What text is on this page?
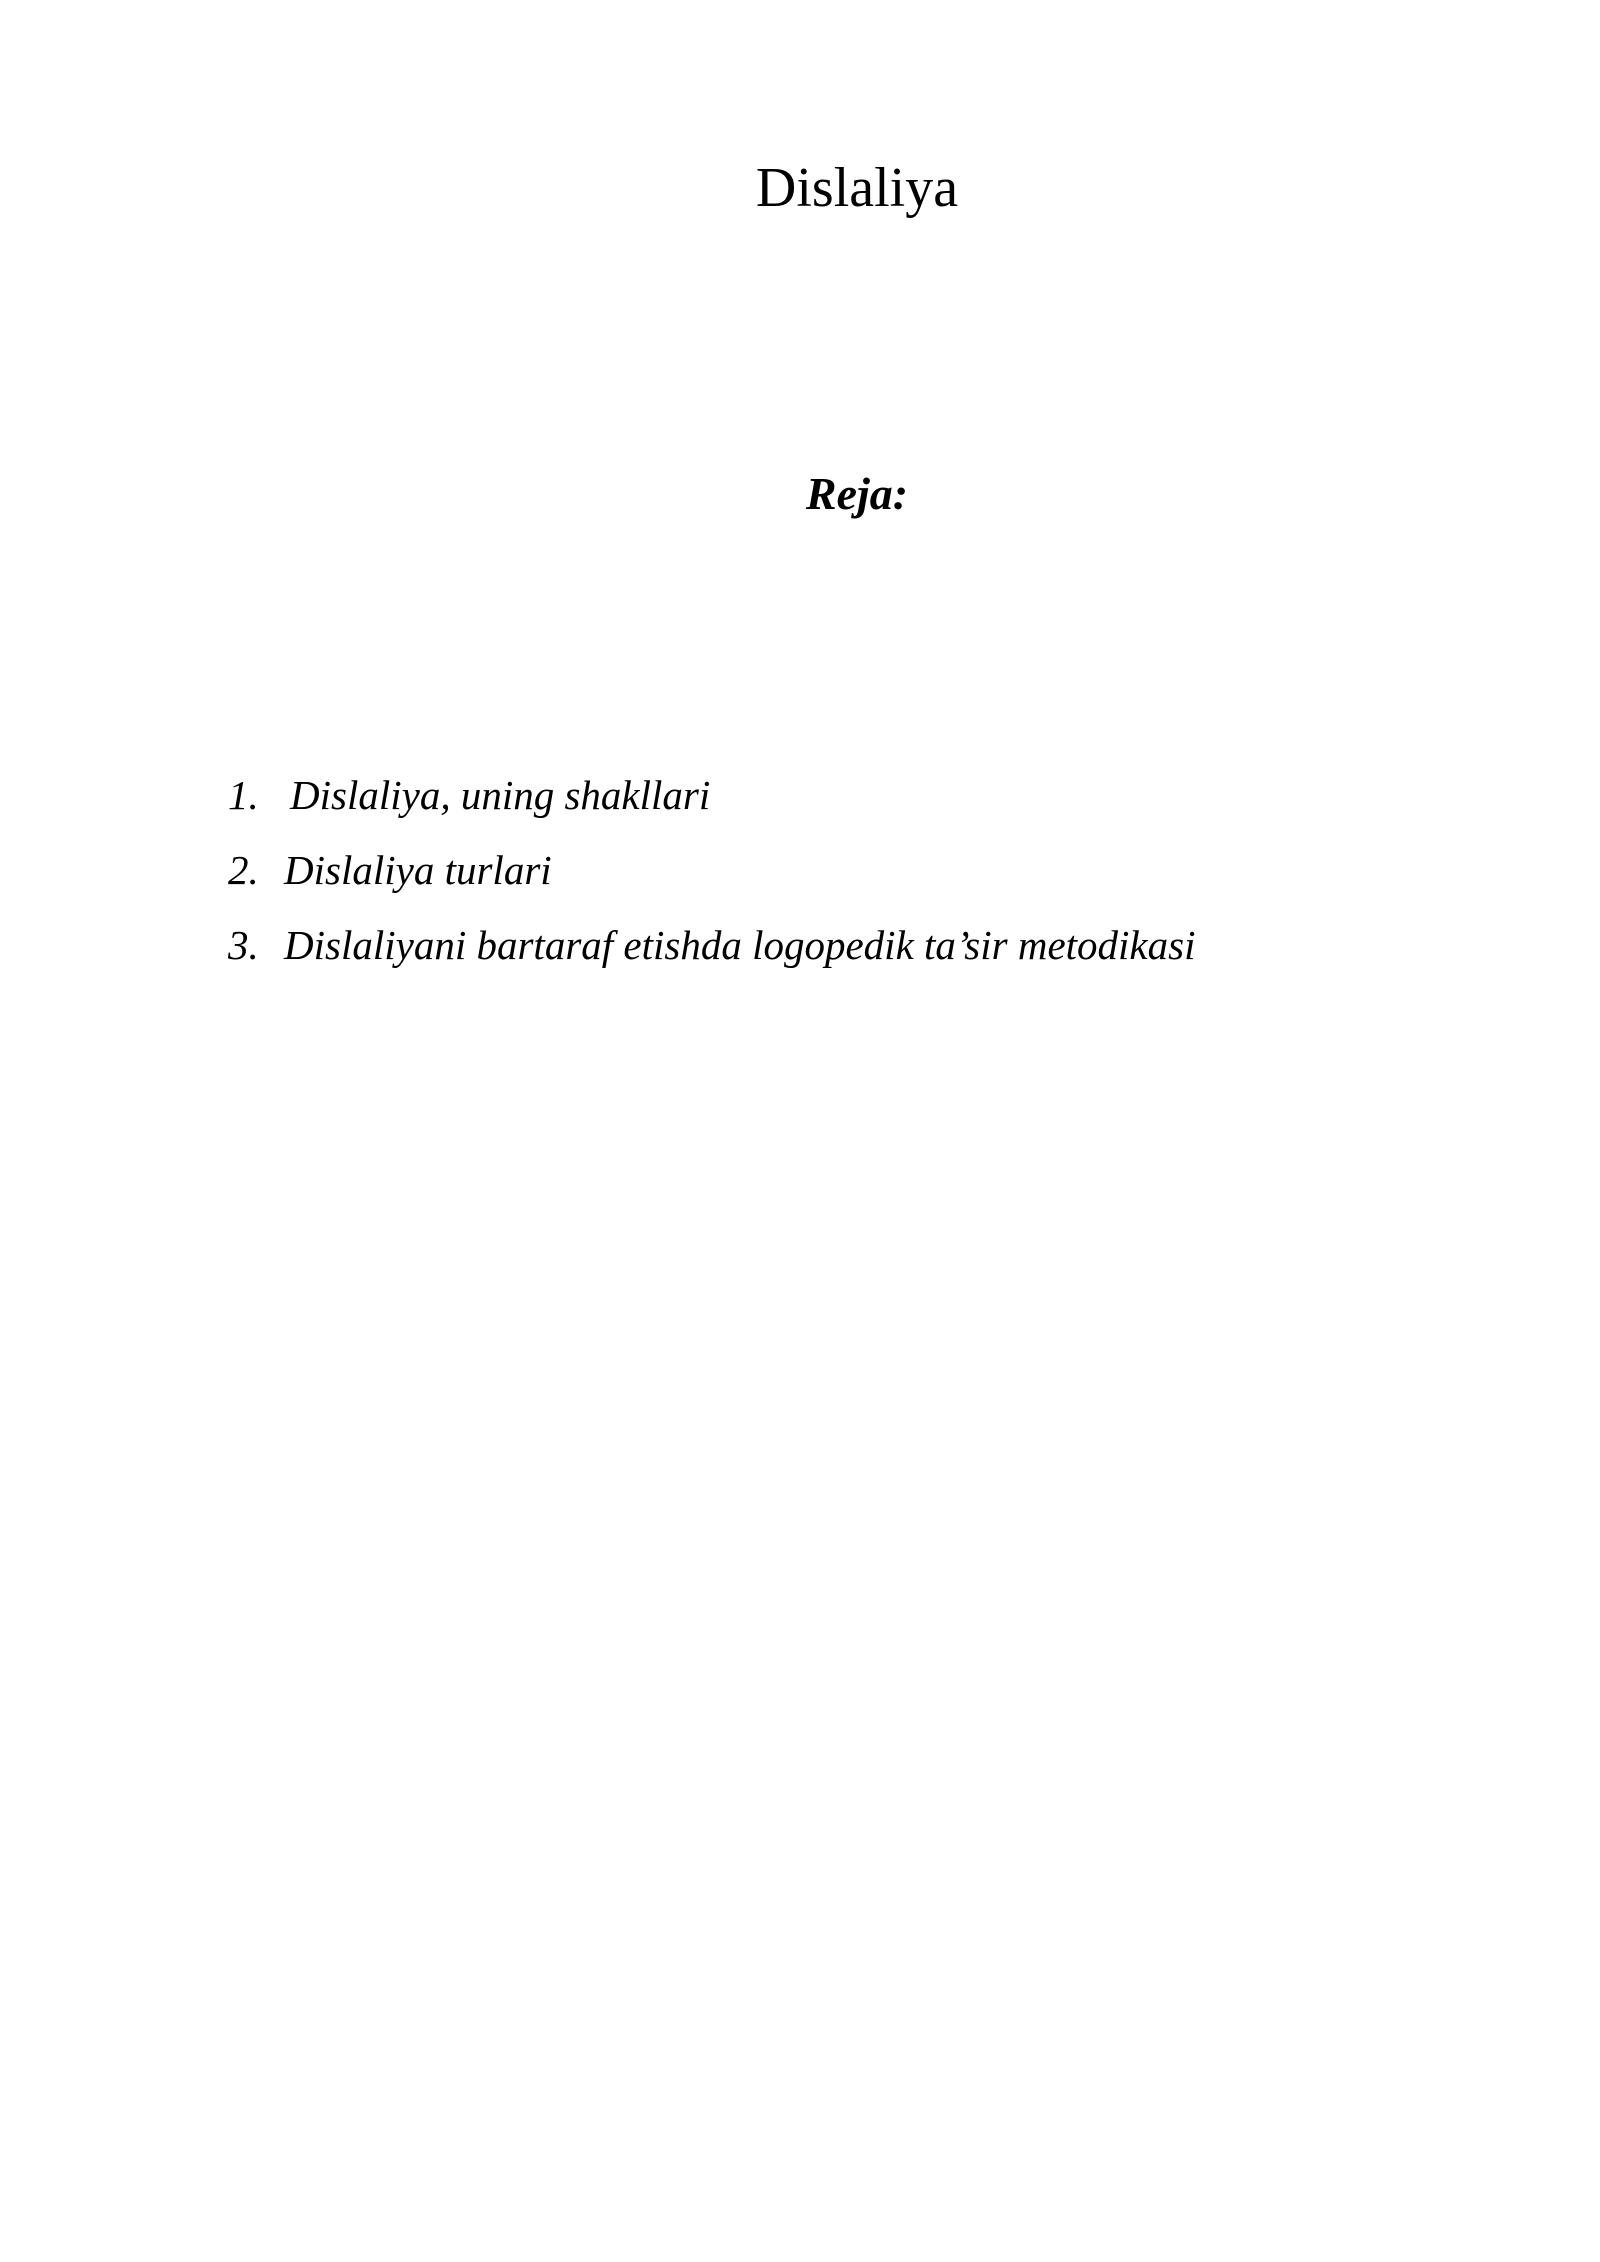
Dislaliya
Reja:
1. Dislaliya, uning shakllari
2. Dislaliya turlari
3. Dislaliyani bartaraf etishda logopedik ta’sir metodikasi
